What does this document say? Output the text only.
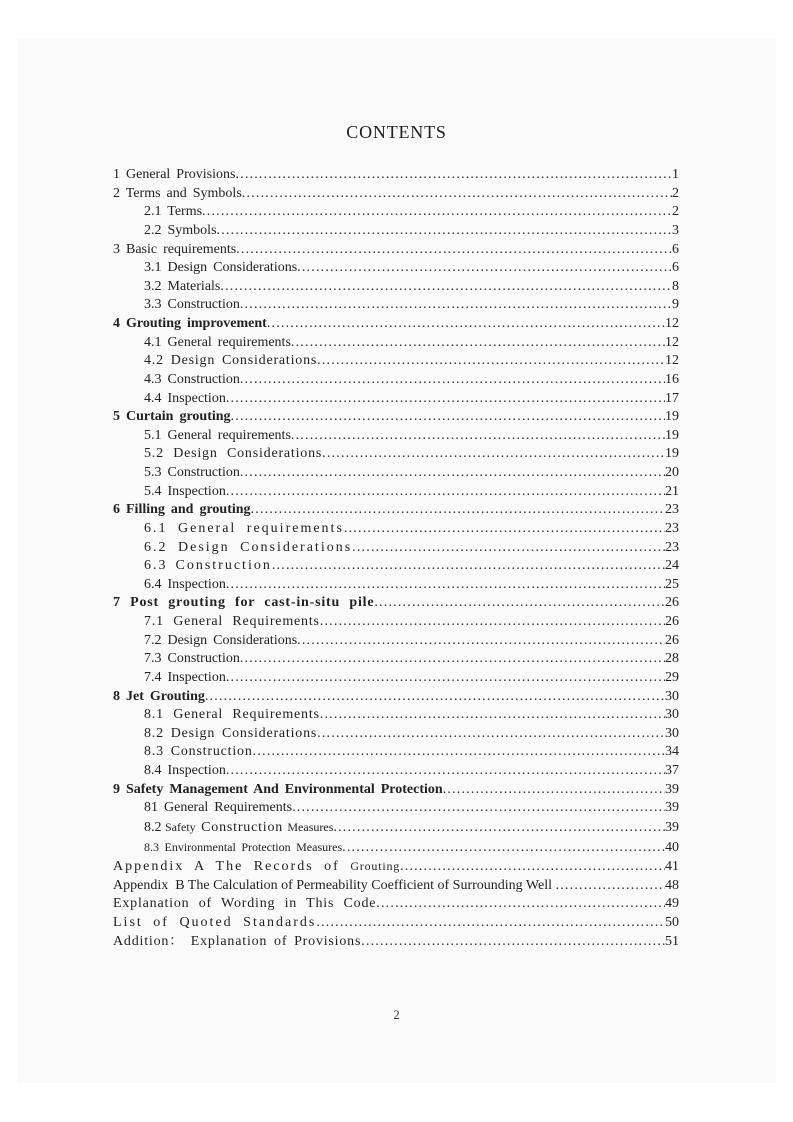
CONTENTS
1 General Provisions .....	1
2 Terms and Symbols .....	2
2.1 Terms .....	2
2.2 Symbols .....	3
3 Basic requirements .....	6
3.1 Design Considerations .....	6
3.2 Materials .....	8
3.3 Construction .....	9
4 Grouting improvement .....	12
4.1 General requirements .....	12
4.2 Design Considerations .....	12
4.3 Construction .....	16
4.4 Inspection .....	17
5 Curtain grouting .....	19
5.1 General requirements .....	19
5.2 Design Considerations .....	19
5.3 Construction .....	20
5.4 Inspection .....	21
6 Filling and grouting .....	23
6.1 General requirements .....	23
6.2 Design Considerations .....	23
6.3 Construction .....	24
6.4 Inspection .....	25
7 Post grouting for cast-in-situ pile .....	26
7.1 General Requirements .....	26
7.2 Design Considerations .....	26
7.3 Construction .....	28
7.4 Inspection .....	29
8 Jet Grouting .....	30
8.1 General Requirements .....	30
8.2 Design Considerations .....	30
8.3 Construction .....	34
8.4 Inspection .....	37
9 Safety Management And Environmental Protection .....	39
81 General Requirements .....	39
8.2 Safety Construction Measures .....	39
8.3 Environmental Protection Measures .....	40
Appendix A The Records of Grouting .....	41
Appendix  B The Calculation of Permeability Coefficient of Surrounding Well .....	48
Explanation of Wording in This Code .....	49
List of Quoted Standards .....	50
Addition： Explanation of Provisions .....	51
2
